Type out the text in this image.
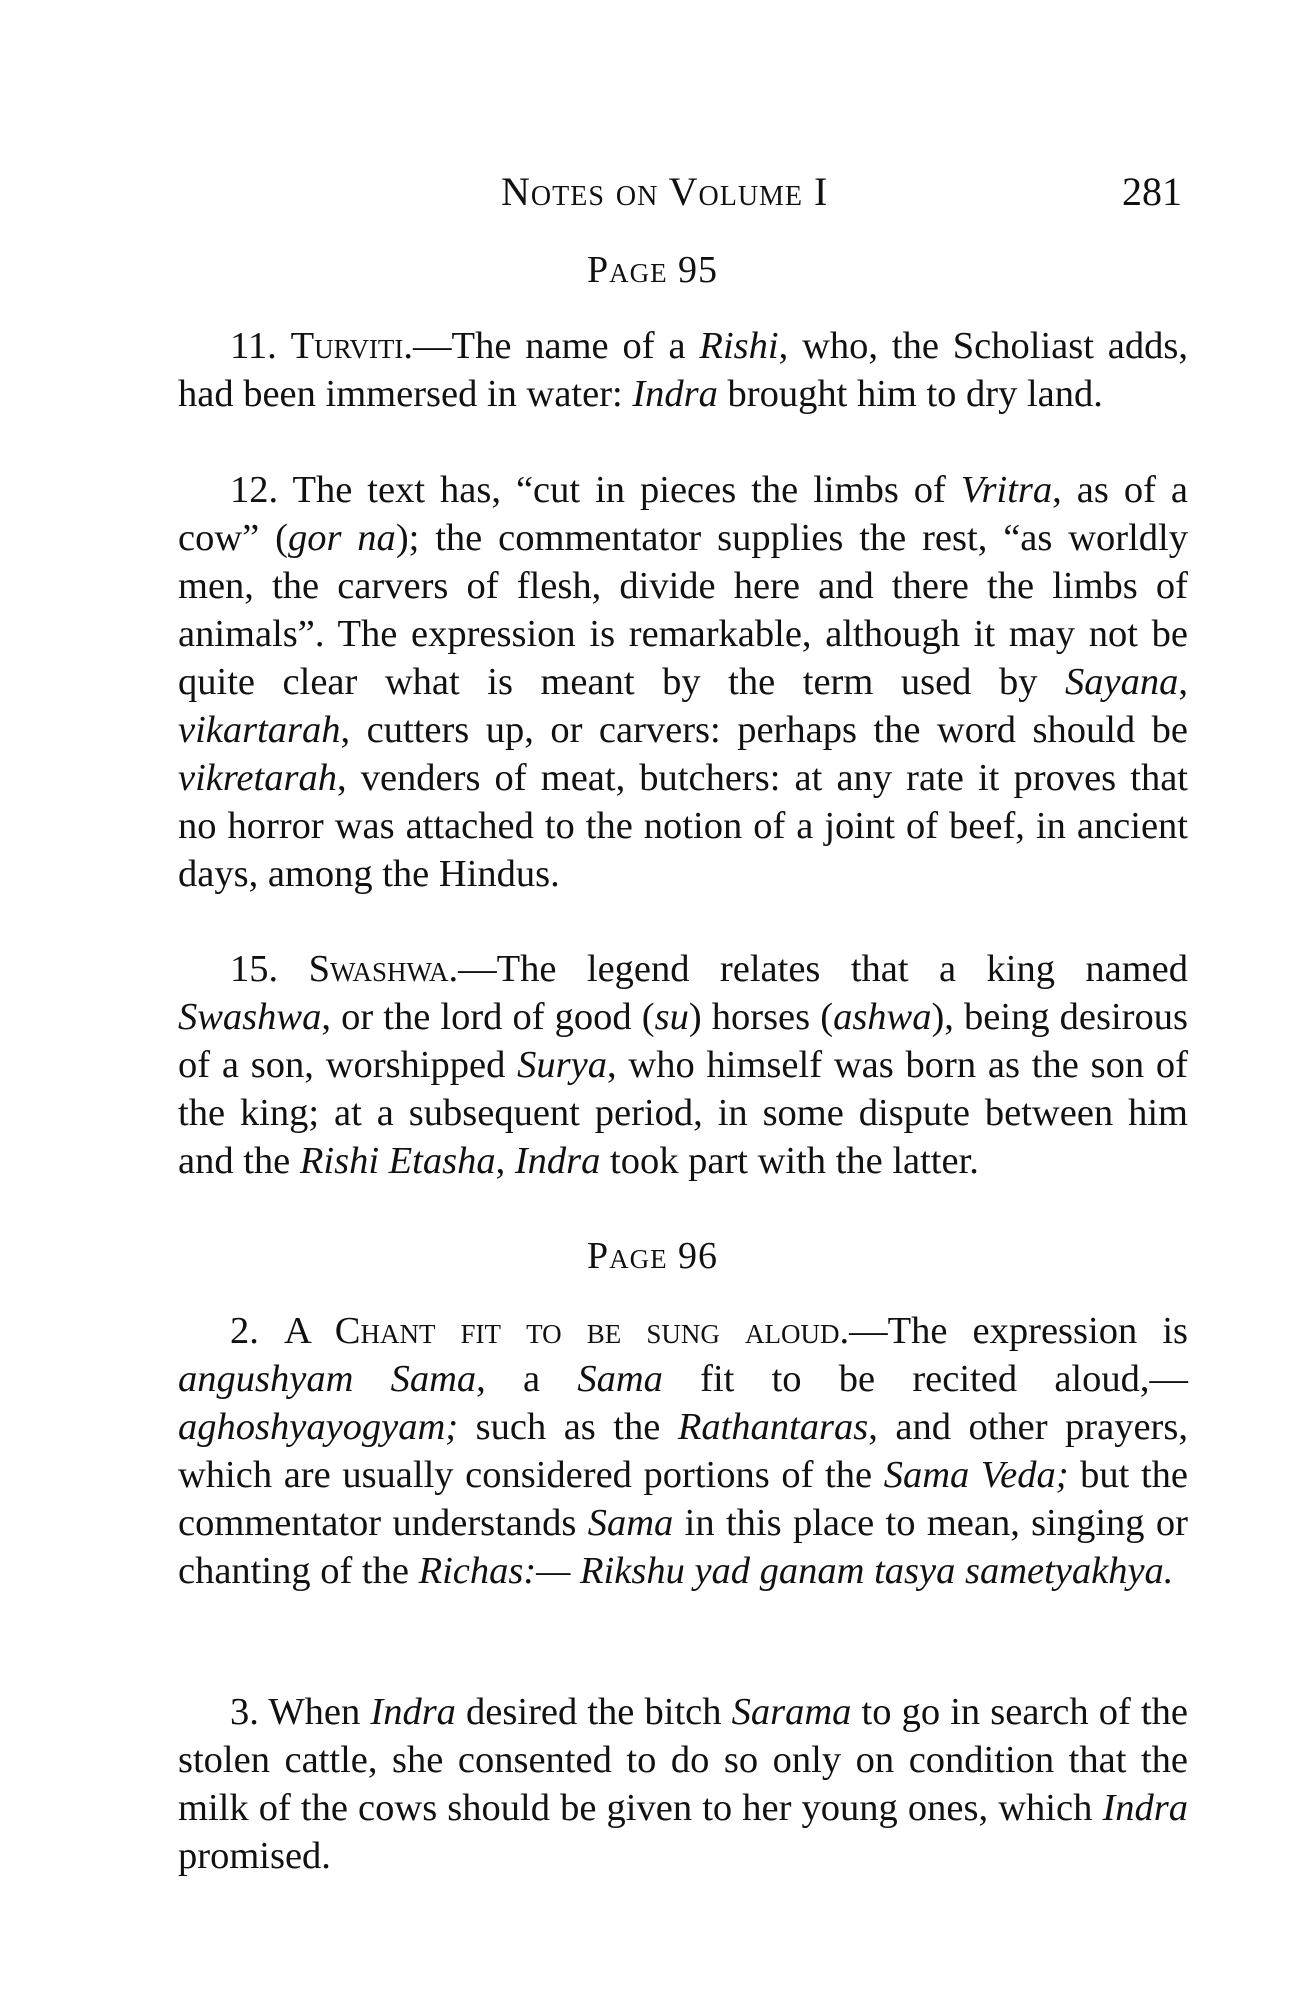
Notes on Volume I	281
Page 95

11. Turviti.—The name of a Rishi, who, the Scholiast adds, had been immersed in water: Indra brought him to dry land.

12. The text has, “cut in pieces the limbs of Vritra, as of a cow” (gor na); the commentator supplies the rest, “as worldly men, the carvers of flesh, divide here and there the limbs of animals”. The expression is remarkable, although it may not be quite clear what is meant by the term used by Sayana, vikartarah, cutters up, or carvers: perhaps the word should be vikretarah, venders of meat, butchers: at any rate it proves that no horror was attached to the notion of a joint of beef, in ancient days, among the Hindus.

15. Swashwa.—The legend relates that a king named Swashwa, or the lord of good (su) horses (ashwa), being desirous of a son, worshipped Surya, who himself was born as the son of the king; at a subsequent period, in some dispute between him and the Rishi Etasha, Indra took part with the latter.

Page 96

2. A Chant fit to be sung aloud.—The expression is angushyam Sama, a Sama fit to be recited aloud,—aghoshyayogyam; such as the Rathantaras, and other prayers, which are usually considered portions of the Sama Veda; but the commentator understands Sama in this place to mean, singing or chanting of the Richas:— Rikshu yad ganam tasya sametyakhya.

3. When Indra desired the bitch Sarama to go in search of the stolen cattle, she consented to do so only on condition that the milk of the cows should be given to her young ones, which Indra promised.
